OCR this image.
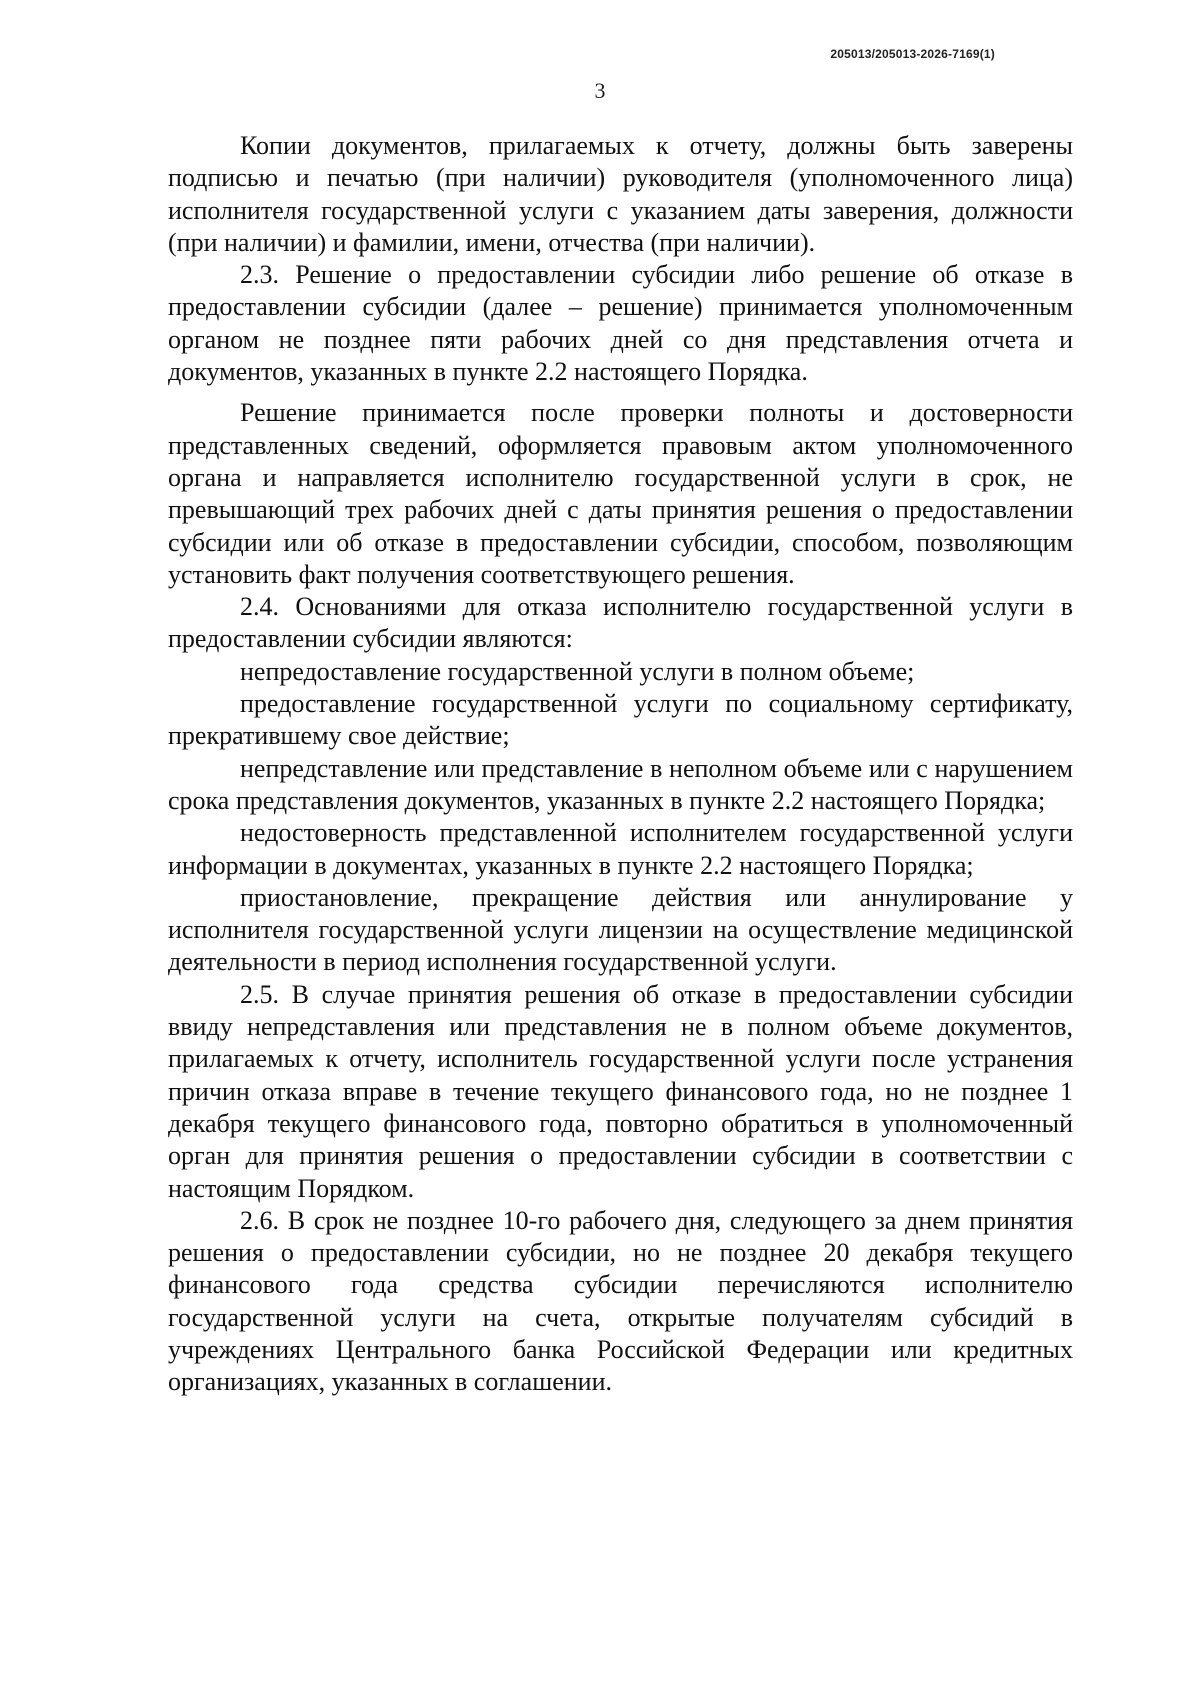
205013/205013-2026-7169(1)
3

Копии документов, прилагаемых к отчету, должны быть заверены подписью и печатью (при наличии) руководителя (уполномоченного лица) исполнителя государственной услуги с указанием даты заверения, должности (при наличии) и фамилии, имени, отчества (при наличии).

2.3. Решение о предоставлении субсидии либо решение об отказе в предоставлении субсидии (далее – решение) принимается уполномоченным органом не позднее пяти рабочих дней со дня представления отчета и документов, указанных в пункте 2.2 настоящего Порядка.

Решение принимается после проверки полноты и достоверности представленных сведений, оформляется правовым актом уполномоченного органа и направляется исполнителю государственной услуги в срок, не превышающий трех рабочих дней с даты принятия решения о предоставлении субсидии или об отказе в предоставлении субсидии, способом, позволяющим установить факт получения соответствующего решения.

2.4. Основаниями для отказа исполнителю государственной услуги в предоставлении субсидии являются:

непредоставление государственной услуги в полном объеме;

предоставление государственной услуги по социальному сертификату, прекратившему свое действие;

непредставление или представление в неполном объеме или с нарушением срока представления документов, указанных в пункте 2.2 настоящего Порядка;

недостоверность представленной исполнителем государственной услуги информации в документах, указанных в пункте 2.2 настоящего Порядка;

приостановление, прекращение действия или аннулирование у исполнителя государственной услуги лицензии на осуществление медицинской деятельности в период исполнения государственной услуги.

2.5. В случае принятия решения об отказе в предоставлении субсидии ввиду непредставления или представления не в полном объеме документов, прилагаемых к отчету, исполнитель государственной услуги после устранения причин отказа вправе в течение текущего финансового года, но не позднее 1 декабря текущего финансового года, повторно обратиться в уполномоченный орган для принятия решения о предоставлении субсидии в соответствии с настоящим Порядком.

2.6. В срок не позднее 10-го рабочего дня, следующего за днем принятия решения о предоставлении субсидии, но не позднее 20 декабря текущего финансового года средства субсидии перечисляются исполнителю государственной услуги на счета, открытые получателям субсидий в учреждениях Центрального банка Российской Федерации или кредитных организациях, указанных в соглашении.
